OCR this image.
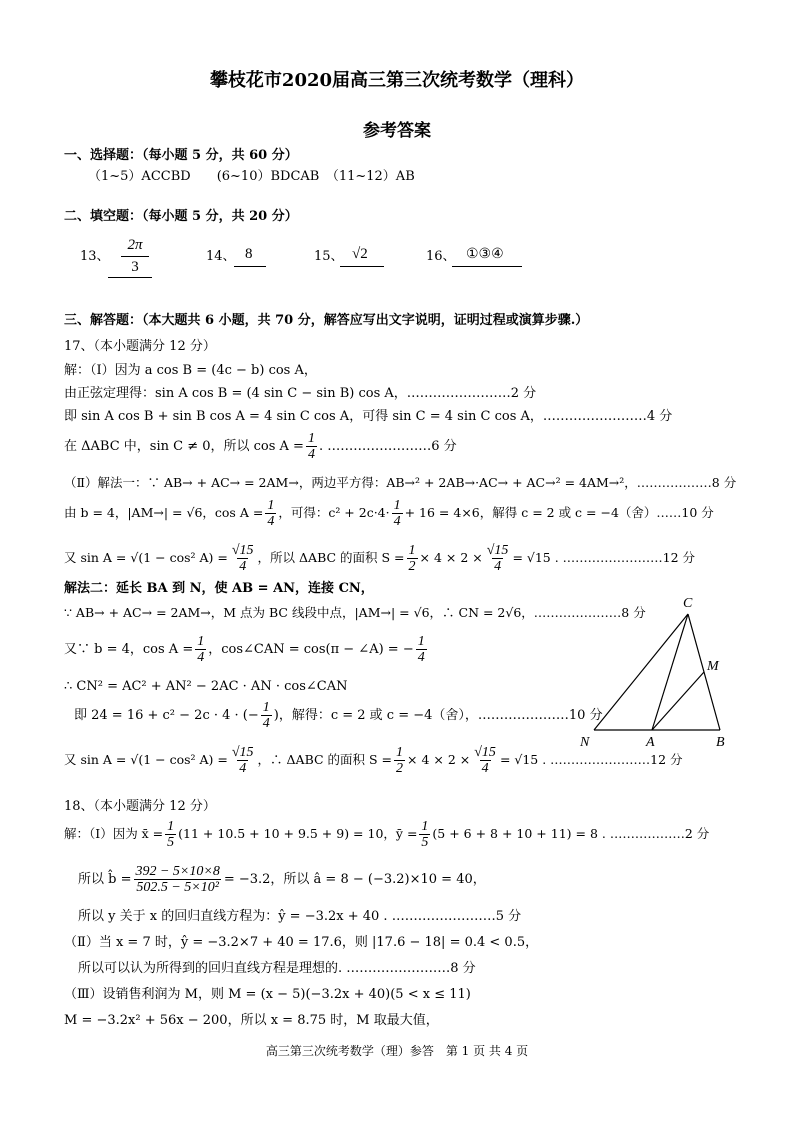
攀枝花市2020届高三第三次统考数学（理科）
参考答案
一、选择题：（每小题 5 分，共 60 分）
（1~5）ACCBD　　(6~10）BDCAB　（11~12）AB
二、填空题：（每小题 5 分，共 20 分）
13、
2π
3
14、 8	15、 √2	16、 ①③④
三、解答题：（本大题共 6 小题，共 70 分，解答应写出文字说明，证明过程或演算步骤.）
17、（本小题满分 12 分）
解：（Ⅰ）因为 a cos B = (4c − b) cos A，
由正弦定理得：sin A cos B = (4 sin C − sin B) cos A，……………………2 分
即 sin A cos B + sin B cos A = 4 sin C cos A，可得 sin C = 4 sin C cos A，……………………4 分
在 ΔABC 中，sin C ≠ 0，所以 $\cos A = \frac{1}{4}$ . ……………………6 分
（Ⅱ）解法一：∵ AB→ + AC→ = 2AM→，两边平方得：AB→² + 2AB→·AC→ + AC→² = 4AM→²，………………8 分
由 b = 4，|AM→| = √6，$\cos A = \frac{1}{4}$ ，可得：$c^2 + 2c\cdot 4\cdot \frac{1}{4} + 16 = 4\times 6$，解得 c = 2 或 c = −4（舍）……10 分
又 sin A = √(1 − cos² $A) = \frac{√15}{4}$ ，所以 ΔABC 的面积 $S = \frac{1}{2} \times 4 \times 2 \times \frac{√15}{4} = √15$ . ……………………12 分
解法二：延长 BA 到 N，使 AB = AN，连接 CN，
∵ AB→ + AC→ = 2AM→，M 点为 BC 线段中点，|AM→| = √6，∴ CN = 2√6，…………………8 分
又∵ b = 4，$\cos A = \frac{1}{4}$ ，cos∠CAN = cos(π − ∠A) = − $\frac{1}{4}$
∴ CN² = AC² + AN² − 2AC · AN · cos∠CAN
即 24 = 16 + c² − 2c · 4 · (− $\frac{1}{4}$ )，解得：c = 2 或 c = −4（舍），…………………10 分
又 sin A = √(1 − cos² $A) = \frac{√15}{4}$ ，∴ ΔABC 的面积 $S = \frac{1}{2} \times 4 \times 2 \times \frac{√15}{4} = √15$ . ……………………12 分
C
M
N	A	B
18、（本小题满分 12 分）
解：（Ⅰ）因为 x̄ = $\frac{1}{5} (11 + 10.5 + 10 + 9.5 + 9) = 10$，ȳ = $\frac{1}{5} (5 + 6 + 8 + 10 + 11) = 8$ . ………………2 分
所以 b̂ = $\frac{392 - 5\times 10\times 8}{\text{502.5 − 5×10²}} = -3.2$，所以 â = 8 − (−3.2)×10 = 40，
所以 y 关于 x 的回归直线方程为：ŷ = −3.2x + 40 . ……………………5 分
（Ⅱ）当 x = 7 时，ŷ = −3.2×7 + 40 = 17.6，则 |17.6 − 18| = 0.4 < 0.5，
所以可以认为所得到的回归直线方程是理想的. ……………………8 分
（Ⅲ）设销售利润为 M，则 M = (x − 5)(−3.2x + 40)(5 < x ≤ 11)
M = −3.2x² + 56x − 200，所以 x = 8.75 时，M 取最大值，
高三第三次统考数学（理）参答　第 1 页 共 4 页
